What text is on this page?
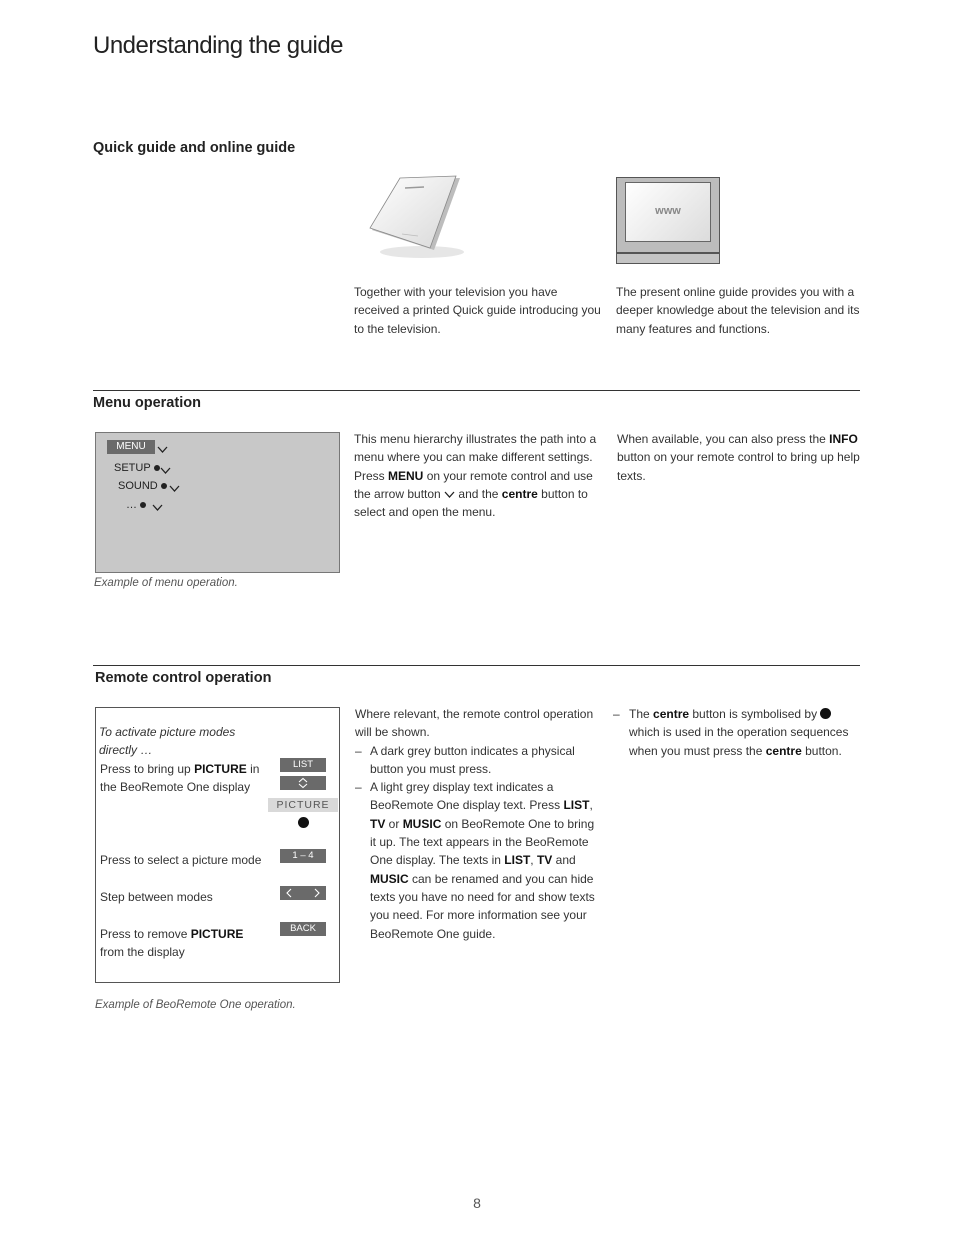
Understanding the guide
Quick guide and online guide
www

Together with your television you have received a printed Quick guide introducing you to the television.

The present online guide provides you with a deeper knowledge about the television and its many features and functions.

Menu operation
MENU
SETUP
SOUND
…
Example of menu operation.

This menu hierarchy illustrates the path into a menu where you can make different settings. Press MENU on your remote control and use the arrow button  and the centre button to select and open the menu.

When available, you can also press the INFO button on your remote control to bring up help texts.

Remote control operation
To activate picture modes directly …
Press to bring up PICTURE in the BeoRemote One display
LIST
PICTURE
Press to select a picture mode	1 – 4
Step between modes
Press to remove PICTURE from the display
BACK
Example of BeoRemote One operation.
Where relevant, the remote control operation will be shown.
– A dark grey button indicates a physical button you must press.
– A light grey display text indicates a BeoRemote One display text. Press LIST, TV or MUSIC on BeoRemote One to bring it up. The text appears in the BeoRemote One display. The texts in LIST, TV and MUSIC can be renamed and you can hide texts you have no need for and show texts you need. For more information see your BeoRemote One guide.
– The centre button is symbolised by  which is used in the operation sequences when you must press the centre button.
8
